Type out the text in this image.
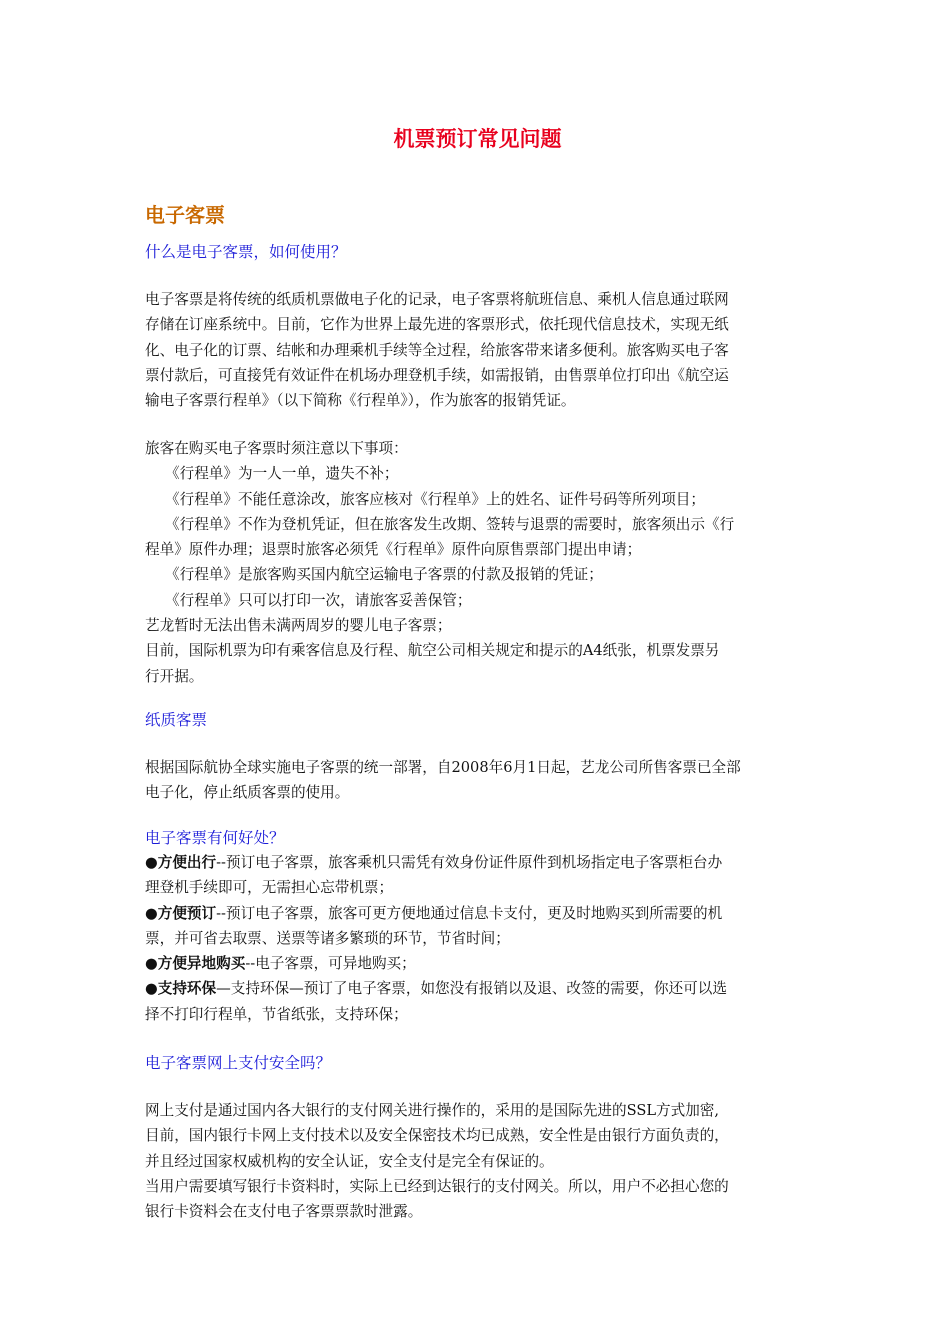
机票预订常见问题
电子客票
什么是电子客票，如何使用？

电子客票是将传统的纸质机票做电子化的记录，电子客票将航班信息、乘机人信息通过联网

存储在订座系统中。目前，它作为世界上最先进的客票形式，依托现代信息技术，实现无纸

化、电子化的订票、结帐和办理乘机手续等全过程，给旅客带来诸多便利。旅客购买电子客

票付款后，可直接凭有效证件在机场办理登机手续，如需报销，由售票单位打印出《航空运

输电子客票行程单》（以下简称《行程单》），作为旅客的报销凭证。

旅客在购买电子客票时须注意以下事项：

《行程单》为一人一单，遗失不补；

《行程单》不能任意涂改，旅客应核对《行程单》上的姓名、证件号码等所列项目；

《行程单》不作为登机凭证，但在旅客发生改期、签转与退票的需要时，旅客须出示《行

程单》原件办理；退票时旅客必须凭《行程单》原件向原售票部门提出申请；

《行程单》是旅客购买国内航空运输电子客票的付款及报销的凭证；

《行程单》只可以打印一次，请旅客妥善保管；

艺龙暂时无法出售未满两周岁的婴儿电子客票；

目前，国际机票为印有乘客信息及行程、航空公司相关规定和提示的A4纸张，机票发票另

行开据。

纸质客票

根据国际航协全球实施电子客票的统一部署，自2008年6月1日起，艺龙公司所售客票已全部

电子化，停止纸质客票的使用。

电子客票有何好处？

●方便出行--预订电子客票，旅客乘机只需凭有效身份证件原件到机场指定电子客票柜台办

理登机手续即可，无需担心忘带机票；

●方便预订--预订电子客票，旅客可更方便地通过信息卡支付，更及时地购买到所需要的机

票，并可省去取票、送票等诸多繁琐的环节，节省时间；

●方便异地购买--电子客票，可异地购买；

●支持环保—支持环保—预订了电子客票，如您没有报销以及退、改签的需要，你还可以选

择不打印行程单，节省纸张，支持环保；

电子客票网上支付安全吗？

网上支付是通过国内各大银行的支付网关进行操作的，采用的是国际先进的SSL方式加密,

目前，国内银行卡网上支付技术以及安全保密技术均已成熟，安全性是由银行方面负责的，

并且经过国家权威机构的安全认证，安全支付是完全有保证的。

当用户需要填写银行卡资料时，实际上已经到达银行的支付网关。所以，用户不必担心您的

银行卡资料会在支付电子客票票款时泄露。
